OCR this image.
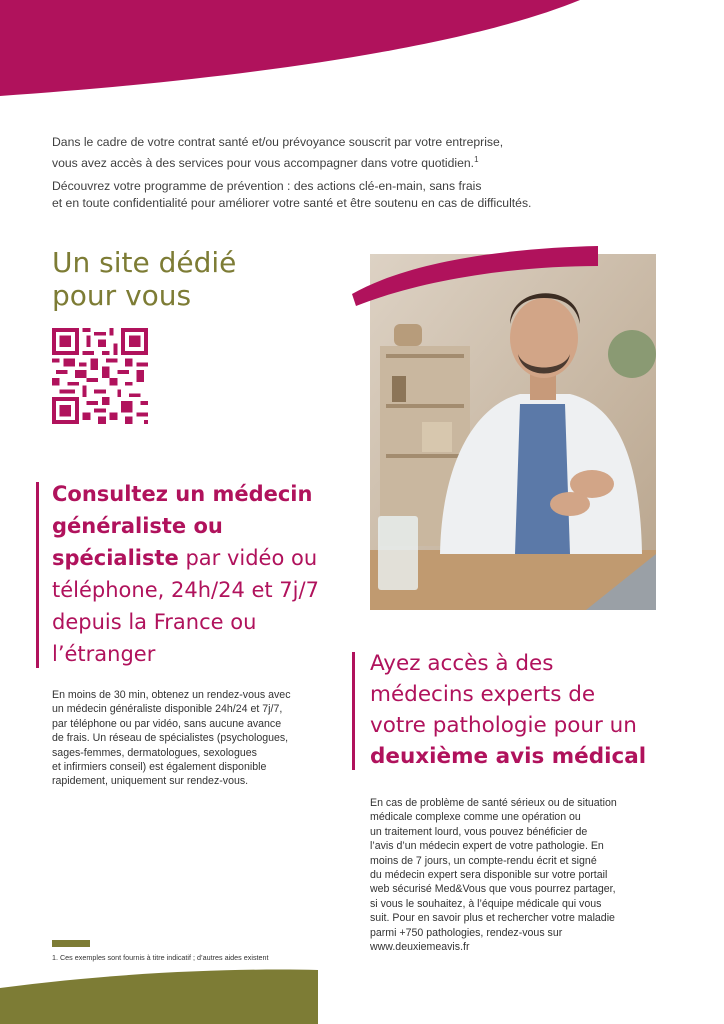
Dans le cadre de votre contrat santé et/ou prévoyance souscrit par votre entreprise,

vous avez accès à des services pour vous accompagner dans votre quotidien.$^1$

Découvrez votre programme de prévention : des actions clé-en-main, sans frais

et en toute confidentialité pour améliorer votre santé et être soutenu en cas de difficultés.

Un site dédié
pour vous
Consultez un médecin
généraliste ou
spécialiste par vidéo ou
téléphone, 24h/24 et 7j/7
depuis la France ou
l’étranger
En moins de 30 min, obtenez un rendez-vous avec
un médecin généraliste disponible 24h/24 et 7j/7,
par téléphone ou par vidéo, sans aucune avance
de frais. Un réseau de spécialistes (psychologues,
sages-femmes, dermatologues, sexologues
et infirmiers conseil) est également disponible
rapidement, uniquement sur rendez-vous.
Ayez accès à des
médecins experts de
votre pathologie pour un
deuxième avis médical
En cas de problème de santé sérieux ou de situation
médicale complexe comme une opération ou
un traitement lourd, vous pouvez bénéficier de
l’avis d’un médecin expert de votre pathologie. En
moins de 7 jours, un compte-rendu écrit et signé
du médecin expert sera disponible sur votre portail
web sécurisé Med&Vous que vous pourrez partager,
si vous le souhaitez, à l’équipe médicale qui vous
suit. Pour en savoir plus et rechercher votre maladie
parmi +750 pathologies, rendez-vous sur
www.deuxiemeavis.fr
1. Ces exemples sont fournis à titre indicatif ; d’autres aides existent
